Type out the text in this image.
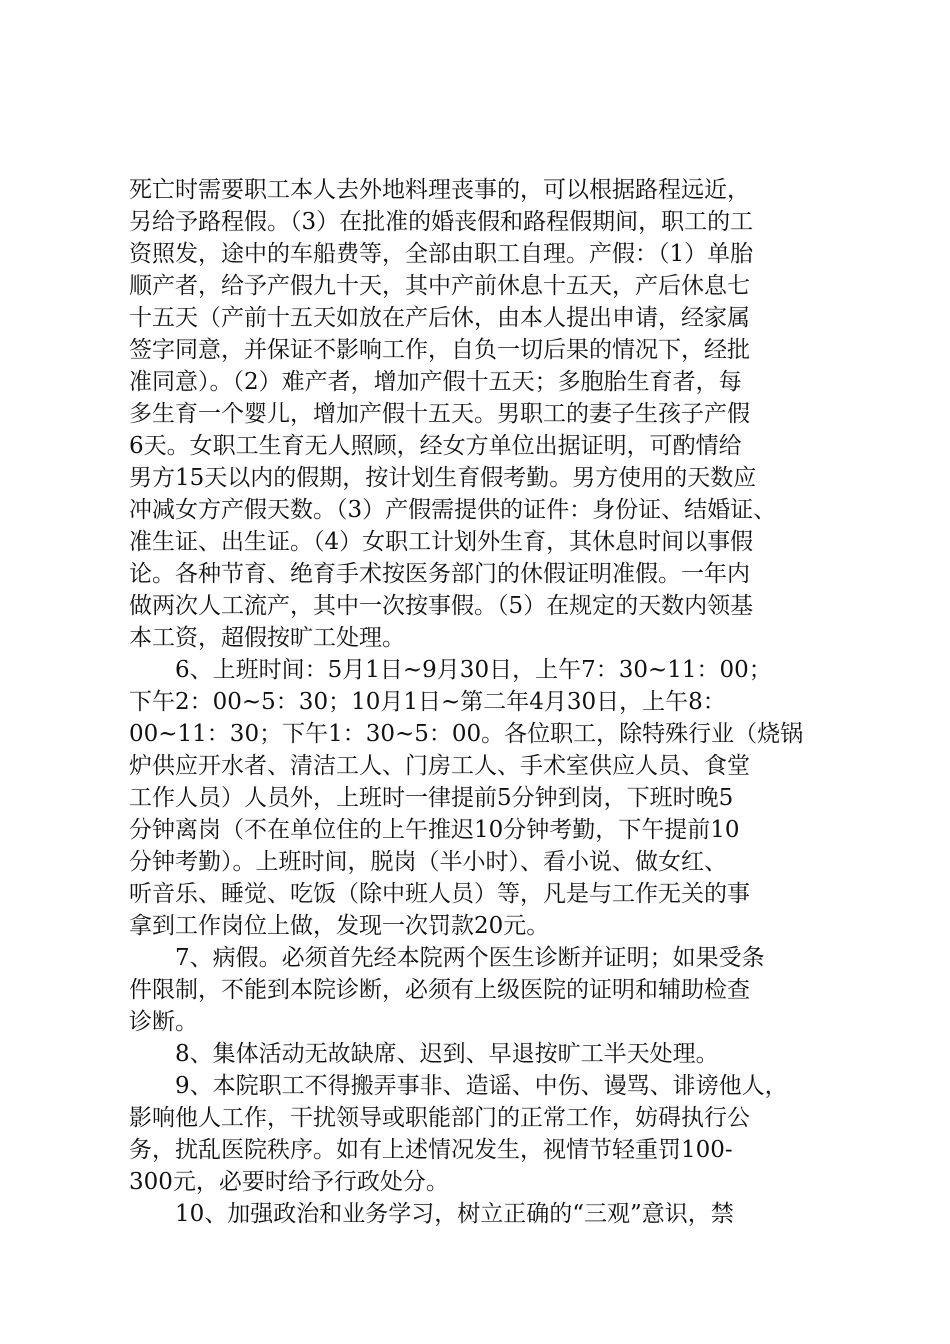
死亡时需要职工本人去外地料理丧事的，可以根据路程远近，
另给予路程假。（3）在批准的婚丧假和路程假期间，职工的工
资照发，途中的车船费等，全部由职工自理。产假：（1）单胎
顺产者，给予产假九十天，其中产前休息十五天，产后休息七
十五天（产前十五天如放在产后休，由本人提出申请，经家属
签字同意，并保证不影响工作，自负一切后果的情况下，经批
准同意）。（2）难产者，增加产假十五天；多胞胎生育者，每
多生育一个婴儿，增加产假十五天。男职工的妻子生孩子产假
6天。女职工生育无人照顾，经女方单位出据证明，可酌情给
男方15天以内的假期，按计划生育假考勤。男方使用的天数应
冲减女方产假天数。（3）产假需提供的证件：身份证、结婚证、
准生证、出生证。（4）女职工计划外生育，其休息时间以事假
论。各种节育、绝育手术按医务部门的休假证明准假。一年内
做两次人工流产，其中一次按事假。（5）在规定的天数内领基
本工资，超假按旷工处理。
6、上班时间：5月1日~9月30日，上午7：30~11：00；
下午2：00~5：30；10月1日~第二年4月30日，上午8：
00~11：30；下午1：30~5：00。各位职工，除特殊行业（烧锅
炉供应开水者、清洁工人、门房工人、手术室供应人员、食堂
工作人员）人员外，上班时一律提前5分钟到岗，下班时晚5
分钟离岗（不在单位住的上午推迟10分钟考勤，下午提前10
分钟考勤）。上班时间，脱岗（半小时）、看小说、做女红、
听音乐、睡觉、吃饭（除中班人员）等，凡是与工作无关的事
拿到工作岗位上做，发现一次罚款20元。
7、病假。必须首先经本院两个医生诊断并证明；如果受条
件限制，不能到本院诊断，必须有上级医院的证明和辅助检查
诊断。
8、集体活动无故缺席、迟到、早退按旷工半天处理。
9、本院职工不得搬弄事非、造谣、中伤、谩骂、诽谤他人，
影响他人工作，干扰领导或职能部门的正常工作，妨碍执行公
务，扰乱医院秩序。如有上述情况发生，视情节轻重罚100-
300元，必要时给予行政处分。
10、加强政治和业务学习，树立正确的“三观”意识，禁
